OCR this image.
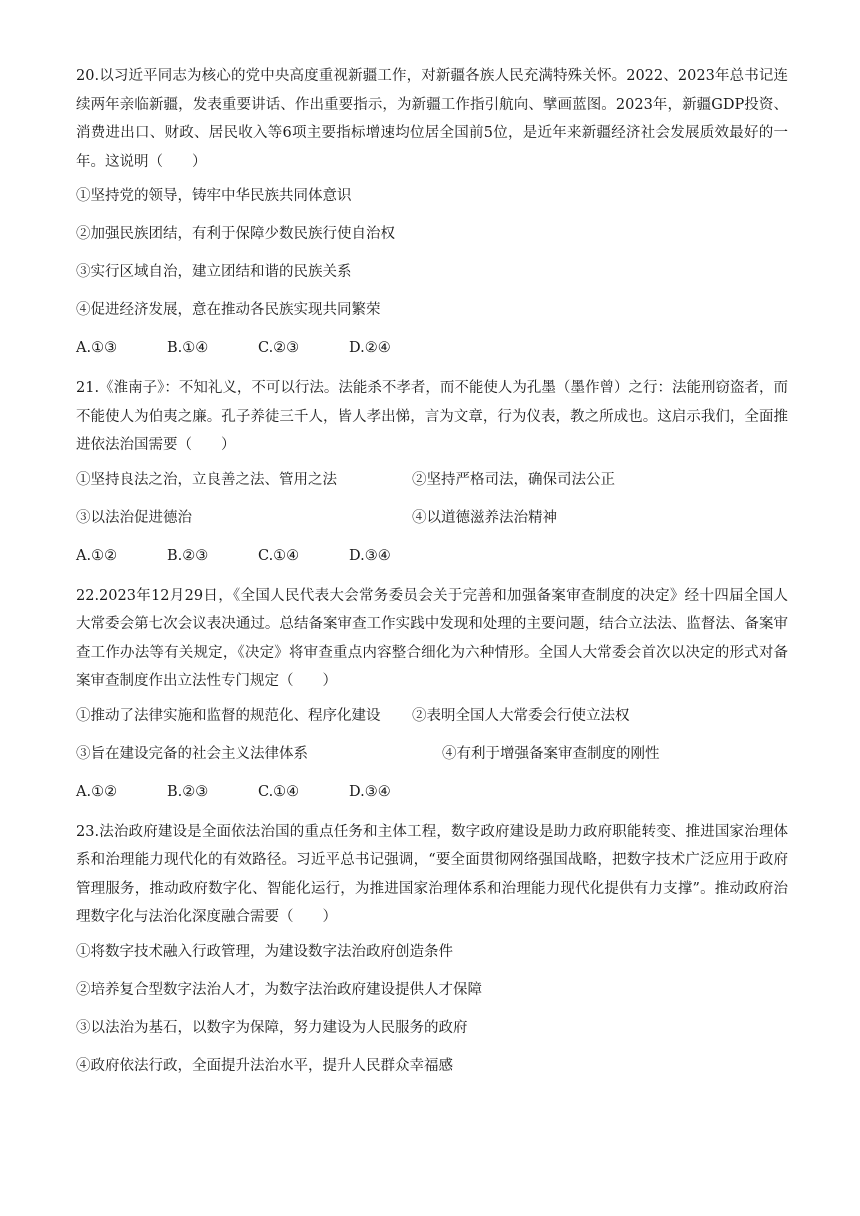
20.以习近平同志为核心的党中央高度重视新疆工作，对新疆各族人民充满特殊关怀。2022、2023年总书记连续两年亲临新疆，发表重要讲话、作出重要指示，为新疆工作指引航向、擘画蓝图。2023年，新疆GDP投资、消费进出口、财政、居民收入等6项主要指标增速均位居全国前5位，是近年来新疆经济社会发展质效最好的一年。这说明（　　）

①坚持党的领导，铸牢中华民族共同体意识
②加强民族团结，有利于保障少数民族行使自治权
③实行区域自治，建立团结和谐的民族关系
④促进经济发展，意在推动各民族实现共同繁荣
A.①③	B.①④	C.②③	D.②④

21.《淮南子》：不知礼义，不可以行法。法能杀不孝者，而不能使人为孔墨（墨作曾）之行：法能刑窃盗者，而不能使人为伯夷之廉。孔子养徒三千人，皆人孝出悌，言为文章，行为仪表，教之所成也。这启示我们，全面推进依法治国需要（　　）

①坚持良法之治，立良善之法、管用之法	②坚持严格司法，确保司法公正
③以法治促进德治	④以道德滋养法治精神
A.①②	B.②③	C.①④	D.③④

22.2023年12月29日，《全国人民代表大会常务委员会关于完善和加强备案审查制度的决定》经十四届全国人大常委会第七次会议表决通过。总结备案审查工作实践中发现和处理的主要问题，结合立法法、监督法、备案审查工作办法等有关规定，《决定》将审查重点内容整合细化为六种情形。全国人大常委会首次以决定的形式对备案审查制度作出立法性专门规定（　　）

①推动了法律实施和监督的规范化、程序化建设	②表明全国人大常委会行使立法权
③旨在建设完备的社会主义法律体系	④有利于增强备案审查制度的刚性
A.①②	B.②③	C.①④	D.③④

23.法治政府建设是全面依法治国的重点任务和主体工程，数字政府建设是助力政府职能转变、推进国家治理体系和治理能力现代化的有效路径。习近平总书记强调，“要全面贯彻网络强国战略，把数字技术广泛应用于政府管理服务，推动政府数字化、智能化运行，为推进国家治理体系和治理能力现代化提供有力支撑”。推动政府治理数字化与法治化深度融合需要（　　）

①将数字技术融入行政管理，为建设数字法治政府创造条件
②培养复合型数字法治人才，为数字法治政府建设提供人才保障
③以法治为基石，以数字为保障，努力建设为人民服务的政府
④政府依法行政，全面提升法治水平，提升人民群众幸福感
